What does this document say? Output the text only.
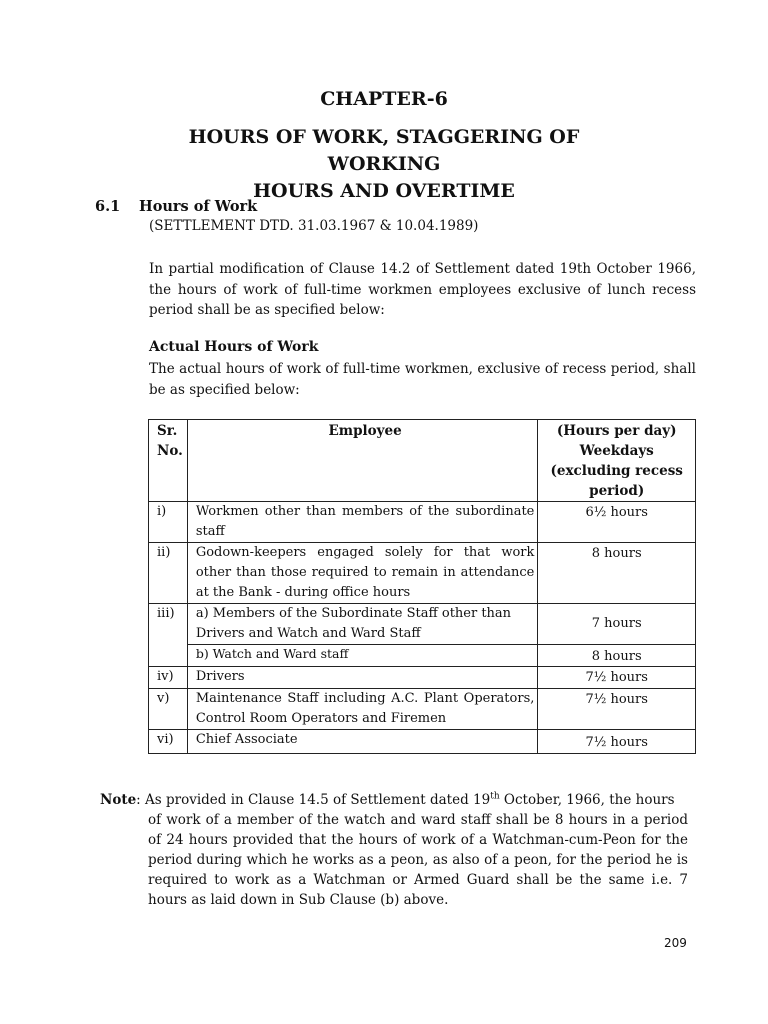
CHAPTER-6
HOURS OF WORK, STAGGERING OF WORKING
HOURS AND OVERTIME
6.1 Hours of Work
(SETTLEMENT DTD. 31.03.1967 & 10.04.1989)
In partial modification of Clause 14.2 of Settlement dated 19th October 1966, the hours of work of full-time workmen employees exclusive of lunch recess period shall be as specified below:
Actual Hours of Work
The actual hours of work of full-time workmen, exclusive of recess period, shall be as specified below:
Sr. No.	Employee	(Hours per day) Weekdays (excluding recess period)
i)	Workmen other than members of the subordinate staff	6½ hours
ii)	Godown-keepers engaged solely for that work other than those required to remain in attendance at the Bank - during office hours	8 hours
iii)	a) Members of the Subordinate Staff other than Drivers and Watch and Ward Staff	7 hours

	b) Watch and Ward staff	8 hours
iv)	Drivers	7½ hours
v)	Maintenance Staff including A.C. Plant Operators, Control Room Operators and Firemen	7½ hours
vi)	Chief Associate	7½ hours
Note: As provided in Clause 14.5 of Settlement dated 19th October, 1966, the hours
of work of a member of the watch and ward staff shall be 8 hours in a period of 24 hours provided that the hours of work of a Watchman-cum-Peon for the period during which he works as a peon, as also of a peon, for the period he is required to work as a Watchman or Armed Guard shall be the same i.e. 7 hours as laid down in Sub Clause (b) above.
209
